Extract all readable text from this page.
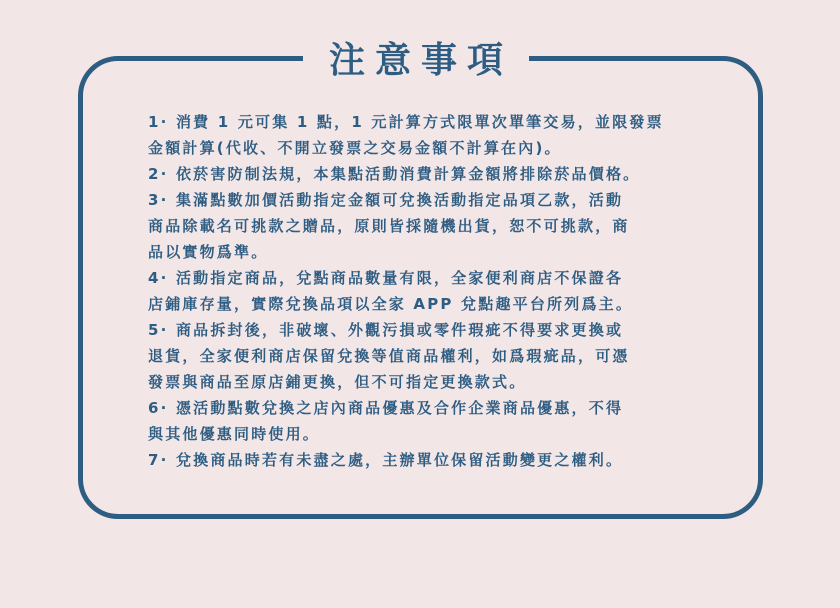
注意事項
1· 消費 1 元可集 1 點，1 元計算方式限單次單筆交易，並限發票
金額計算(代收、不開立發票之交易金額不計算在內)。
2· 依菸害防制法規，本集點活動消費計算金額將排除菸品價格。
3· 集滿點數加價活動指定金額可兌換活動指定品項乙款，活動
商品除載名可挑款之贈品，原則皆採隨機出貨，恕不可挑款，商
品以實物爲準。
4· 活動指定商品，兌點商品數量有限，全家便利商店不保證各
店鋪庫存量，實際兌換品項以全家 APP 兌點趣平台所列爲主。
5· 商品拆封後，非破壞、外觀污損或零件瑕疵不得要求更換或
退貨，全家便利商店保留兌換等值商品權利，如爲瑕疵品，可憑
發票與商品至原店鋪更換，但不可指定更換款式。
6· 憑活動點數兌換之店內商品優惠及合作企業商品優惠，不得
與其他優惠同時使用。
7· 兌換商品時若有未盡之處，主辦單位保留活動變更之權利。
